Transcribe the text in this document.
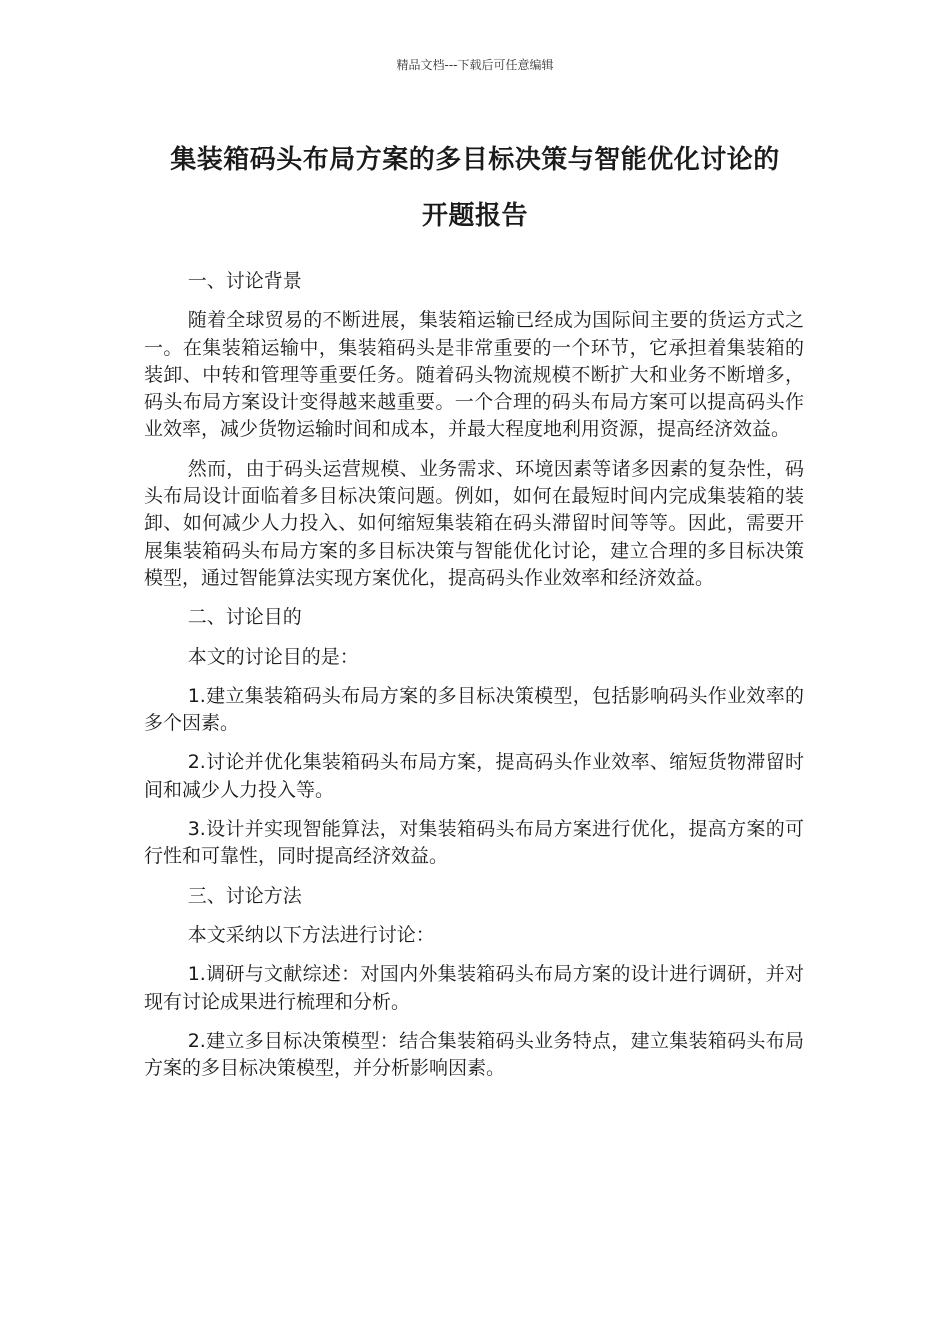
精品文档---下载后可任意编辑
集装箱码头布局方案的多目标决策与智能优化讨论的
开题报告

一、讨论背景

随着全球贸易的不断进展，集装箱运输已经成为国际间主要的货运方式之一。在集装箱运输中，集装箱码头是非常重要的一个环节，它承担着集装箱的装卸、中转和管理等重要任务。随着码头物流规模不断扩大和业务不断增多，码头布局方案设计变得越来越重要。一个合理的码头布局方案可以提高码头作业效率，减少货物运输时间和成本，并最大程度地利用资源，提高经济效益。

然而，由于码头运营规模、业务需求、环境因素等诸多因素的复杂性，码头布局设计面临着多目标决策问题。例如，如何在最短时间内完成集装箱的装卸、如何减少人力投入、如何缩短集装箱在码头滞留时间等等。因此，需要开展集装箱码头布局方案的多目标决策与智能优化讨论，建立合理的多目标决策模型，通过智能算法实现方案优化，提高码头作业效率和经济效益。

二、讨论目的

本文的讨论目的是：

1.建立集装箱码头布局方案的多目标决策模型，包括影响码头作业效率的多个因素。

2.讨论并优化集装箱码头布局方案，提高码头作业效率、缩短货物滞留时间和减少人力投入等。

3.设计并实现智能算法，对集装箱码头布局方案进行优化，提高方案的可行性和可靠性，同时提高经济效益。

三、讨论方法

本文采纳以下方法进行讨论：

1.调研与文献综述：对国内外集装箱码头布局方案的设计进行调研，并对现有讨论成果进行梳理和分析。

2.建立多目标决策模型：结合集装箱码头业务特点，建立集装箱码头布局方案的多目标决策模型，并分析影响因素。
